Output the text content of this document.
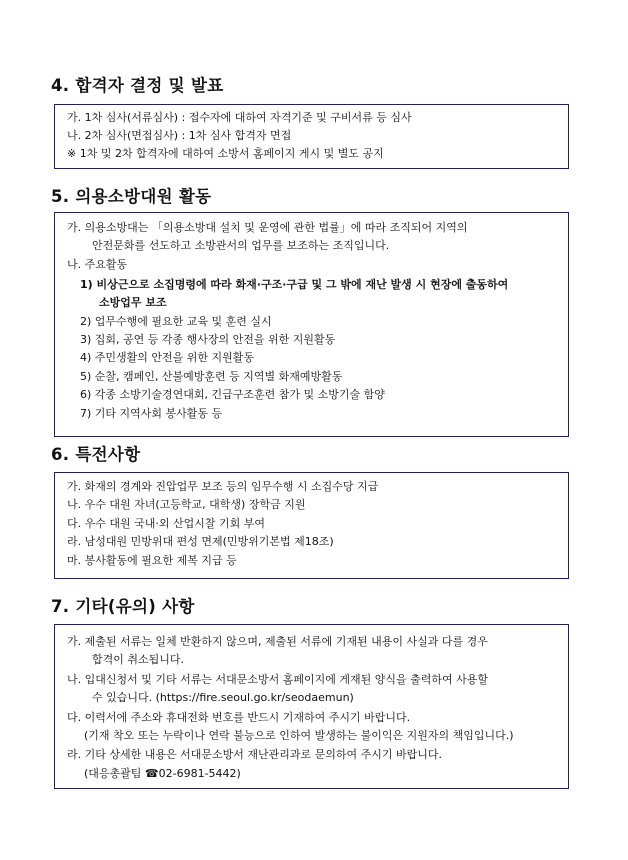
4. 합격자 결정 및 발표
가. 1차 심사(서류심사) : 접수자에 대하여 자격기준 및 구비서류 등 심사
나. 2차 심사(면접심사) : 1차 심사 합격자 면접
※ 1차 및 2차 합격자에 대하여 소방서 홈페이지 게시 및 별도 공지
5. 의용소방대원 활동
가. 의용소방대는 「의용소방대 설치 및 운영에 관한 법률」에 따라 조직되어 지역의
안전문화를 선도하고 소방관서의 업무를 보조하는 조직입니다.
나. 주요활동
1) 비상근으로 소집명령에 따라 화재·구조·구급 및 그 밖에 재난 발생 시 현장에 출동하여
소방업무 보조
2) 업무수행에 필요한 교육 및 훈련 실시
3) 집회, 공연 등 각종 행사장의 안전을 위한 지원활동
4) 주민생활의 안전을 위한 지원활동
5) 순찰, 캠페인, 산불예방훈련 등 지역별 화재예방활동
6) 각종 소방기술경연대회, 긴급구조훈련 참가 및 소방기술 함양
7) 기타 지역사회 봉사활동 등
6. 특전사항
가. 화재의 경계와 진압업무 보조 등의 임무수행 시 소집수당 지급
나. 우수 대원 자녀(고등학교, 대학생) 장학금 지원
다. 우수 대원 국내·외 산업시찰 기회 부여
라. 남성대원 민방위대 편성 면제(민방위기본법 제18조)
마. 봉사활동에 필요한 제복 지급 등
7. 기타(유의) 사항
가. 제출된 서류는 일체 반환하지 않으며, 제출된 서류에 기재된 내용이 사실과 다를 경우
합격이 취소됩니다.
나. 입대신청서 및 기타 서류는 서대문소방서 홈페이지에 게재된 양식을 출력하여 사용할
수 있습니다. (https://fire.seoul.go.kr/seodaemun)
다. 이력서에 주소와 휴대전화 번호를 반드시 기재하여 주시기 바랍니다.
(기재 착오 또는 누락이나 연락 불능으로 인하여 발생하는 불이익은 지원자의 책임입니다.)
라. 기타 상세한 내용은 서대문소방서 재난관리과로 문의하여 주시기 바랍니다.
(대응총괄팀 ☎02-6981-5442)
